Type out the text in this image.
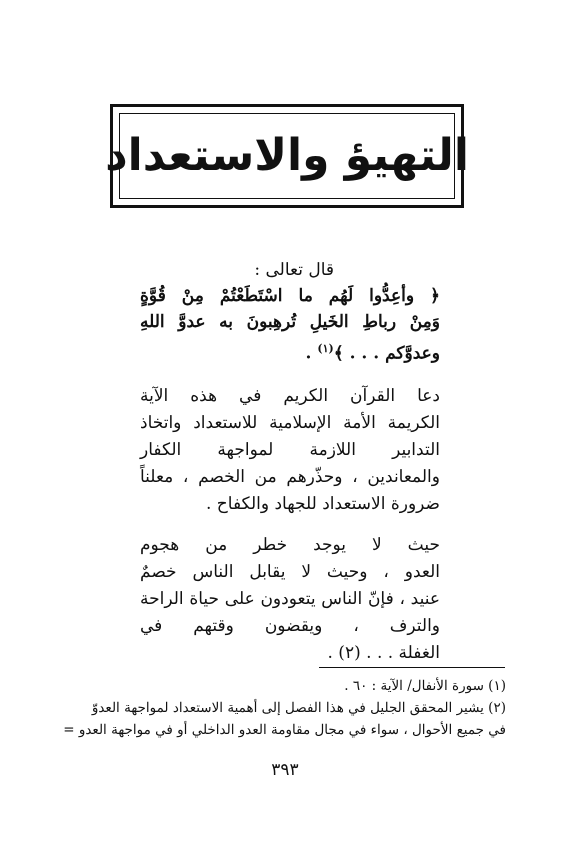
التهيؤ والاستعداد
قال تعالى :
﴿ وأعِدُّوا لَهُم ما اسْتَطَعْتُمْ مِنْ قُوَّةٍ
وَمِنْ رباطِ الخَيلِ تُرهِبونَ به عدوَّ اللهِ
وعدوَّكم . . . ﴾$^{(١)}$ .
دعا القرآن الكريم في هذه الآية
الكريمة الأمة الإسلامية للاستعداد واتخاذ
التدابير اللازمة لمواجهة الكفار
والمعاندين ، وحذّرهم من الخصم ، معلناً
ضرورة الاستعداد للجهاد والكفاح .
حيث لا يوجد خطر من هجوم
العدو ، وحيث لا يقابل الناس خصمٌ
عنيد ، فإنّ الناس يتعودون على حياة الراحة
والترف ، ويقضون وقتهم في
الغفلة . . . (٢) .
(١) سورة الأنفال/ الآية : ٦٠ .
(٢) يشير المحقق الجليل في هذا الفصل إلى أهمية الاستعداد لمواجهة العدوّ
في جميع الأحوال ، سواء في مجال مقاومة العدو الداخلي أو في مواجهة العدو =
٣٩٣
